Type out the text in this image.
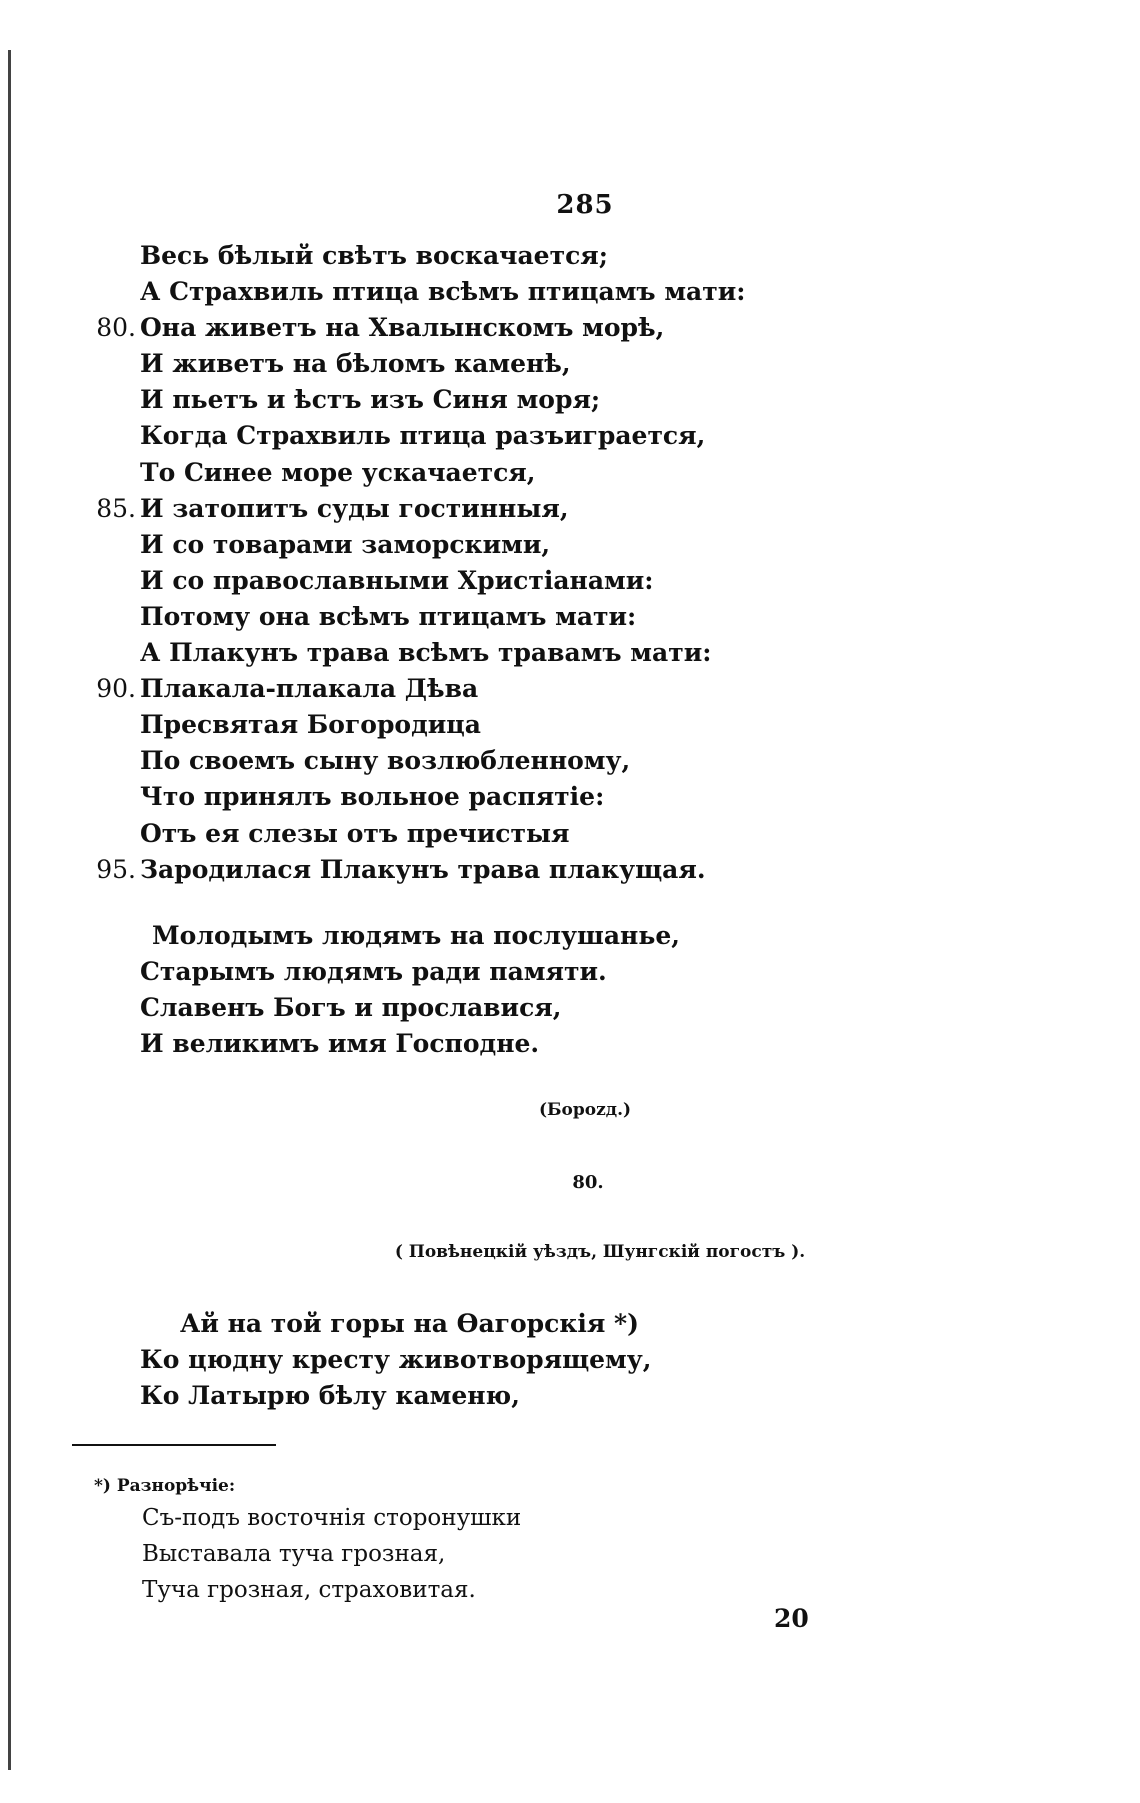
285
Весь бѣлый свѣтъ воскачается;
А Страхвиль птица всѣмъ птицамъ мати:
80. Она живетъ на Хвалынскомъ морѣ,
И живетъ на бѣломъ каменѣ,
И пьетъ и ѣстъ изъ Синя моря;
Когда Страхвиль птица разъиграется,
То Синее море ускачается,
85. И затопитъ суды гостинныя,
И со товарами заморскими,
И со православными Христіанами:
Потому она всѣмъ птицамъ мати:
А Плакунъ трава всѣмъ травамъ мати:
90. Плакала-плакала Дѣва
Пресвятая Богородица
По своемъ сыну возлюбленному,
Что принялъ вольное распятіе:
Отъ ея слезы отъ пречистыя
95. Зародилася Плакунъ трава плакущая.
Молодымъ людямъ на послушанье,
Старымъ людямъ ради памяти.
Славенъ Богъ и прославися,
И великимъ имя Господне.
(Бороzд.)
80.
( Повѣнецкій уѣздъ, Шунгскій погостъ ).
Ай на той горы на Ѳагорскія *)
Ко цюдну кресту животворящему,
Ко Латырю бѣлу каменю,
*) Разнорѣчіе:
Съ-подъ восточнія сторонушки
Выставала туча грозная,
Туча грозная, страховитая.
20
